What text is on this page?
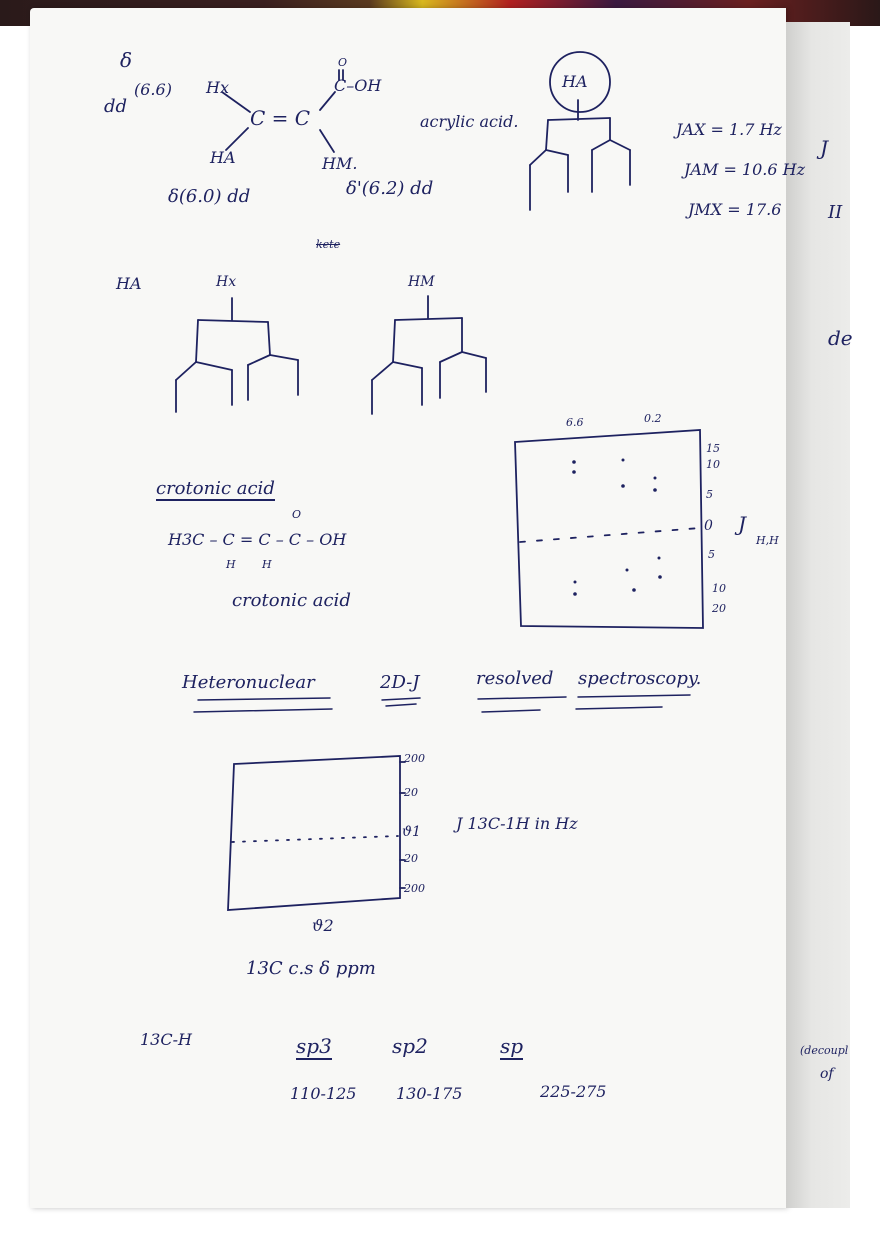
δ
dd
(6.6) Hx
C = C
O
C–OH
HA	HM.
δ(6.0) dd	δ'(6.2) dd
acrylic acid.
HA
kete
JAX = 1.7 Hz
JAM = 10.6 Hz
JMX = 17.6
HA	Hx	HM
crotonic acid
O
H3C – C = C – C – OH
H H
crotonic acid
6.6	0.2
15
10
5
0
5
10
20
J
H,H
Heteronuclear	2D-J	resolved spectroscopy.
200
20
ϑ1
20
200
J 13C-1H in Hz
ϑ2
13C c.s δ ppm
13C-H	sp3	sp2	sp
110-125 130-175	225-275
J
II
de
(decoupl
of
